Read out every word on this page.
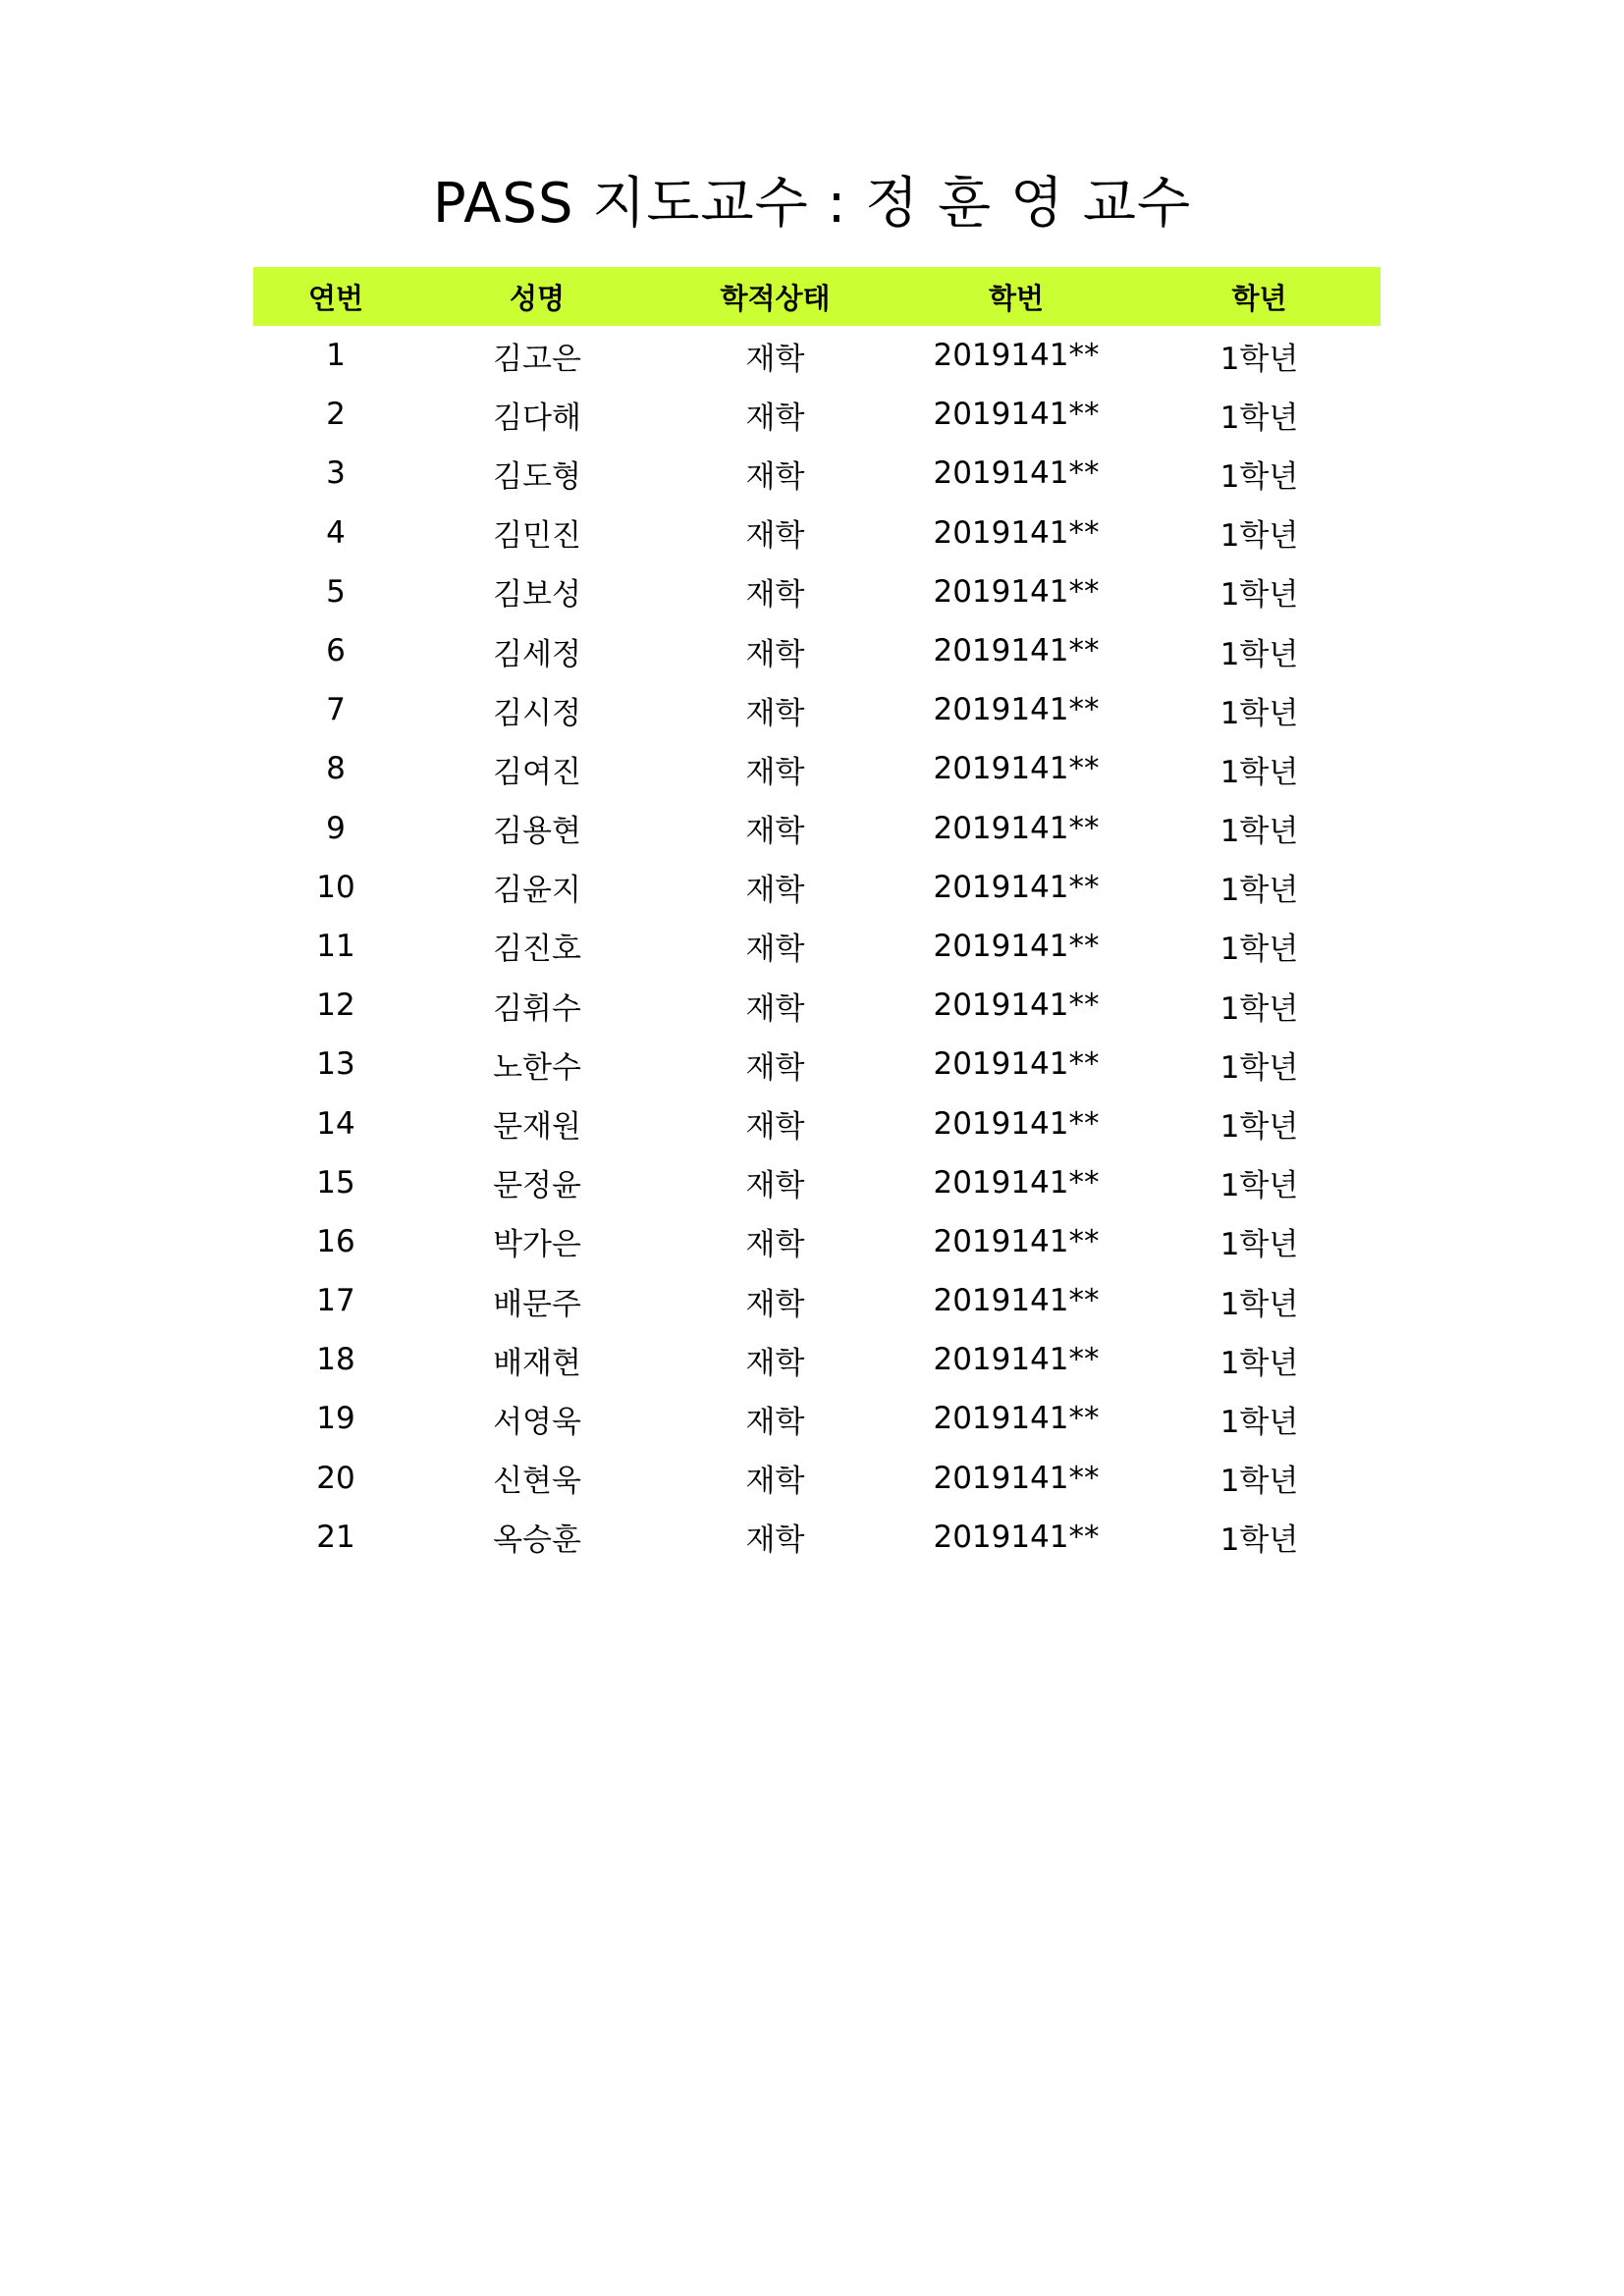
PASS 지도교수 : 정 훈 영 교수
연번	성명	학적상태	학번	학년
1	김고은	재학	2019141**	1학년
2	김다해	재학	2019141**	1학년
3	김도형	재학	2019141**	1학년
4	김민진	재학	2019141**	1학년
5	김보성	재학	2019141**	1학년
6	김세정	재학	2019141**	1학년
7	김시정	재학	2019141**	1학년
8	김여진	재학	2019141**	1학년
9	김용현	재학	2019141**	1학년
10	김윤지	재학	2019141**	1학년
11	김진호	재학	2019141**	1학년
12	김휘수	재학	2019141**	1학년
13	노한수	재학	2019141**	1학년
14	문재원	재학	2019141**	1학년
15	문정윤	재학	2019141**	1학년
16	박가은	재학	2019141**	1학년
17	배문주	재학	2019141**	1학년
18	배재현	재학	2019141**	1학년
19	서영욱	재학	2019141**	1학년
20	신현욱	재학	2019141**	1학년
21	옥승훈	재학	2019141**	1학년
